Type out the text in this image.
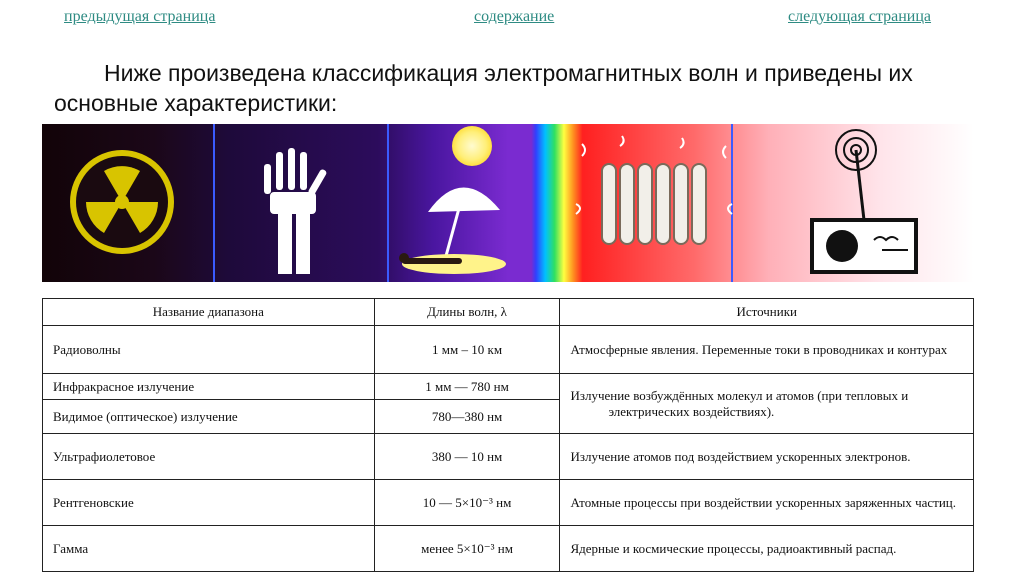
предыдущая страница	содержание	следующая страница

Ниже произведена классификация электромагнитных волн и приведены их основные характеристики:

Название диапазона	Длины волн, λ	Источники
Радиоволны	1 мм – 10 км	Атмосферные явления. Переменные токи в проводниках и контурах

Инфракрасное излучение	1 мм — 780 нм	Излучение возбуждённых молекул и атомов (при тепловых и электрических воздействиях).

Видимое (оптическое) излучение	780—380 нм	
Ультрафиолетовое	380 — 10 нм	Излучение атомов под воздействием ускоренных электронов.

Рентгеновские	10 — 5×10⁻³ нм	Атомные процессы при воздействии ускоренных заряженных частиц.

Гамма	менее 5×10⁻³ нм	Ядерные и космические процессы, радиоактивный распад.
